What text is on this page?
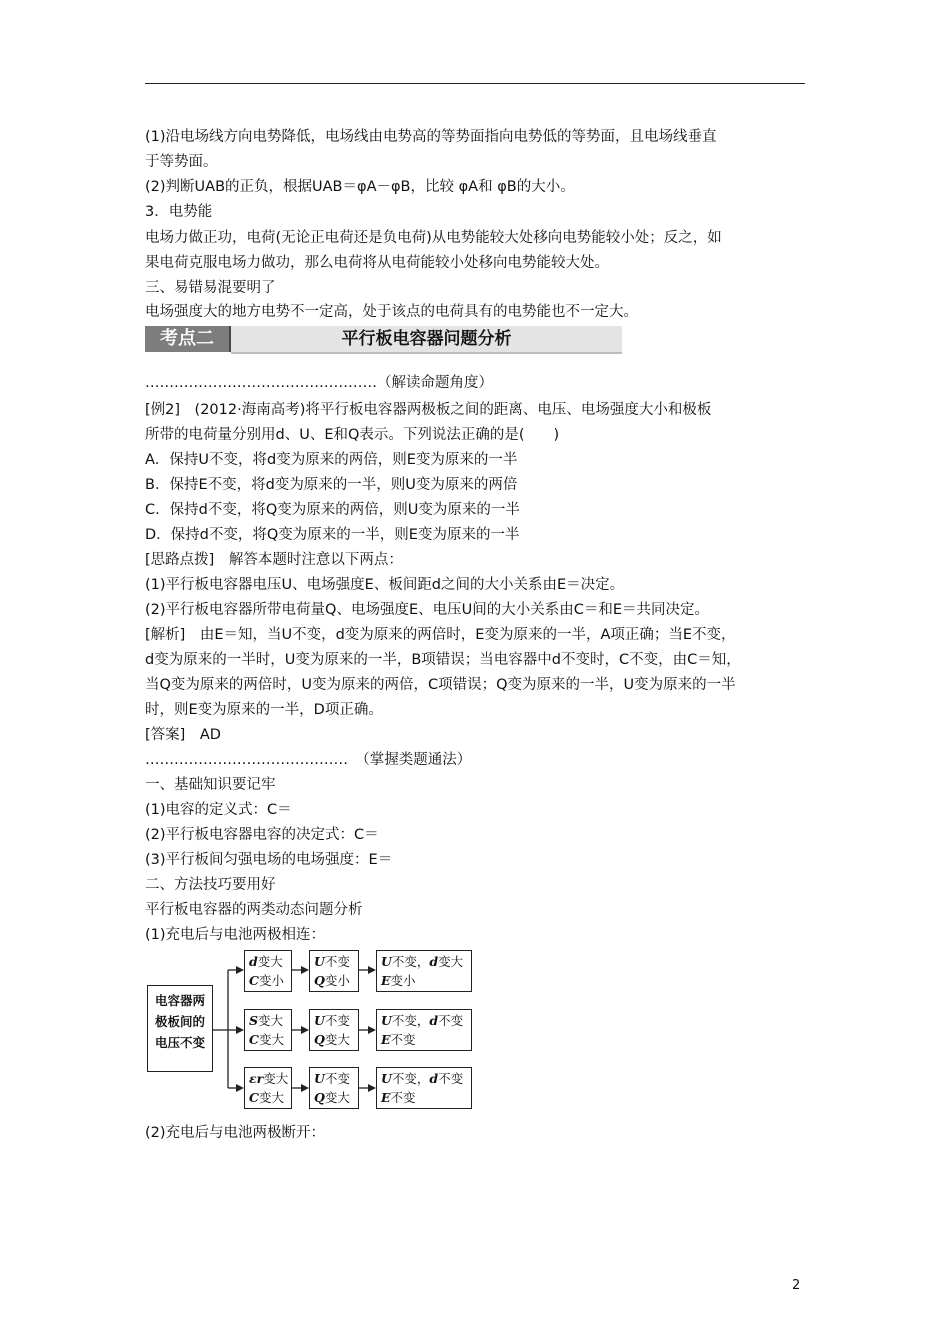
(1)沿电场线方向电势降低，电场线由电势高的等势面指向电势低的等势面，且电场线垂直
于等势面。
(2)判断UAB的正负，根据UAB＝φA－φB，比较 φA和 φB的大小。
3．电势能
电场力做正功，电荷(无论正电荷还是负电荷)从电势能较大处移向电势能较小处；反之，如
果电荷克服电场力做功，那么电荷将从电荷能较小处移向电势能较大处。
三、易错易混要明了
电场强度大的地方电势不一定高，处于该点的电荷具有的电势能也不一定大。
考点二	平行板电容器问题分析
…………………………………………（解读命题角度）
[例2]　(2012·海南高考)将平行板电容器两极板之间的距离、电压、电场强度大小和极板
所带的电荷量分别用d、U、E和Q表示。下列说法正确的是(　　)
A．保持U不变，将d变为原来的两倍，则E变为原来的一半
B．保持E不变，将d变为原来的一半，则U变为原来的两倍
C．保持d不变，将Q变为原来的两倍，则U变为原来的一半
D．保持d不变，将Q变为原来的一半，则E变为原来的一半
[思路点拨]　解答本题时注意以下两点：
(1)平行板电容器电压U、电场强度E、板间距d之间的大小关系由E＝决定。
(2)平行板电容器所带电荷量Q、电场强度E、电压U间的大小关系由C＝和E＝共同决定。
[解析]　由E＝知，当U不变，d变为原来的两倍时，E变为原来的一半，A项正确；当E不变，
d变为原来的一半时，U变为原来的一半，B项错误；当电容器中d不变时，C不变，由C＝知，
当Q变为原来的两倍时，U变为原来的两倍，C项错误；Q变为原来的一半，U变为原来的一半
时，则E变为原来的一半，D项正确。
[答案]　AD
……………………………………　（掌握类题通法）
一、基础知识要记牢
(1)电容的定义式：C＝
(2)平行板电容器电容的决定式：C＝
(3)平行板间匀强电场的电场强度：E＝
二、方法技巧要用好
平行板电容器的两类动态问题分析
(1)充电后与电池两极相连：
电容器两极板间的电压不变
d变大
C变小
U不变
Q变小
U不变，d变大
E变小
S变大
C变大
U不变
Q变大
U不变，d不变
E不变
εr变大
C变大
U不变
Q变大
U不变，d不变
E不变
(2)充电后与电池两极断开：
2
